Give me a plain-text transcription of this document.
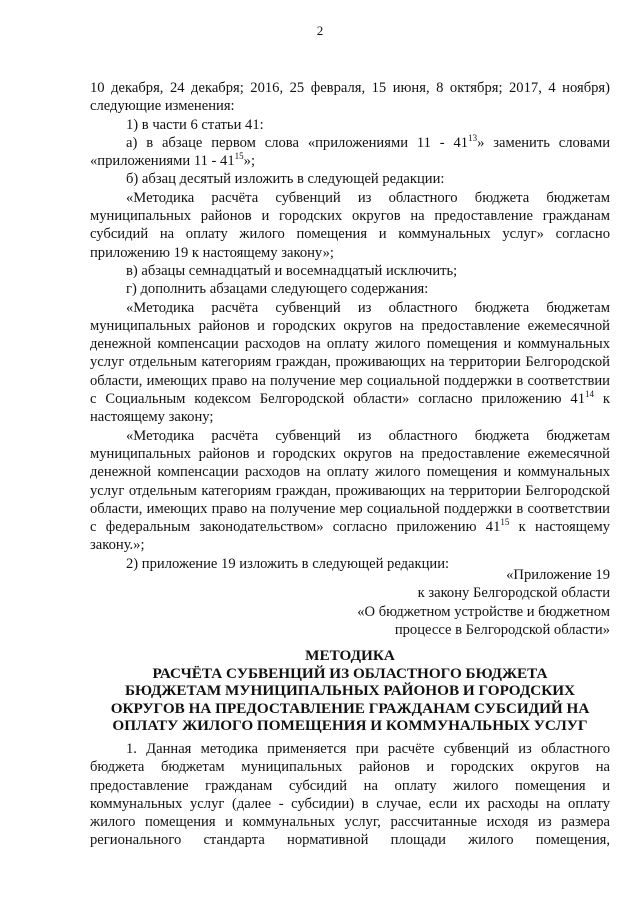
2

10 декабря, 24 декабря; 2016, 25 февраля, 15 июня, 8 октября; 2017, 4 ноября) следующие изменения:

1) в части 6 статьи 41:

а) в абзаце первом слова «приложениями $11 - 41^{13}$» заменить словами «приложениями $11 - 41^{15}$»;

б) абзац десятый изложить в следующей редакции:

«Методика расчёта субвенций из областного бюджета бюджетам муниципальных районов и городских округов на предоставление гражданам субсидий на оплату жилого помещения и коммунальных услуг» согласно приложению 19 к настоящему закону»;

в) абзацы семнадцатый и восемнадцатый исключить;

г) дополнить абзацами следующего содержания:

«Методика расчёта субвенций из областного бюджета бюджетам муниципальных районов и городских округов на предоставление ежемесячной денежной компенсации расходов на оплату жилого помещения и коммунальных услуг отдельным категориям граждан, проживающих на территории Белгородской области, имеющих право на получение мер социальной поддержки в соответствии с Социальным кодексом Белгородской области» согласно приложению $41^{14}$ к настоящему закону;

«Методика расчёта субвенций из областного бюджета бюджетам муниципальных районов и городских округов на предоставление ежемесячной денежной компенсации расходов на оплату жилого помещения и коммунальных услуг отдельным категориям граждан, проживающих на территории Белгородской области, имеющих право на получение мер социальной поддержки в соответствии с федеральным законодательством» согласно приложению $41^{15}$ к настоящему закону.»;

2) приложение 19 изложить в следующей редакции:

«Приложение 19
к закону Белгородской области
«О бюджетном устройстве и бюджетном
процессе в Белгородской области»
МЕТОДИКА
РАСЧЁТА СУБВЕНЦИЙ ИЗ ОБЛАСТНОГО БЮДЖЕТА
БЮДЖЕТАМ МУНИЦИПАЛЬНЫХ РАЙОНОВ И ГОРОДСКИХ
ОКРУГОВ НА ПРЕДОСТАВЛЕНИЕ ГРАЖДАНАМ СУБСИДИЙ НА
ОПЛАТУ ЖИЛОГО ПОМЕЩЕНИЯ И КОММУНАЛЬНЫХ УСЛУГ

1. Данная методика применяется при расчёте субвенций из областного бюджета бюджетам муниципальных районов и городских округов на предоставление гражданам субсидий на оплату жилого помещения и коммунальных услуг (далее - субсидии) в случае, если их расходы на оплату жилого помещения и коммунальных услуг, рассчитанные исходя из размера регионального стандарта нормативной площади жилого помещения,
